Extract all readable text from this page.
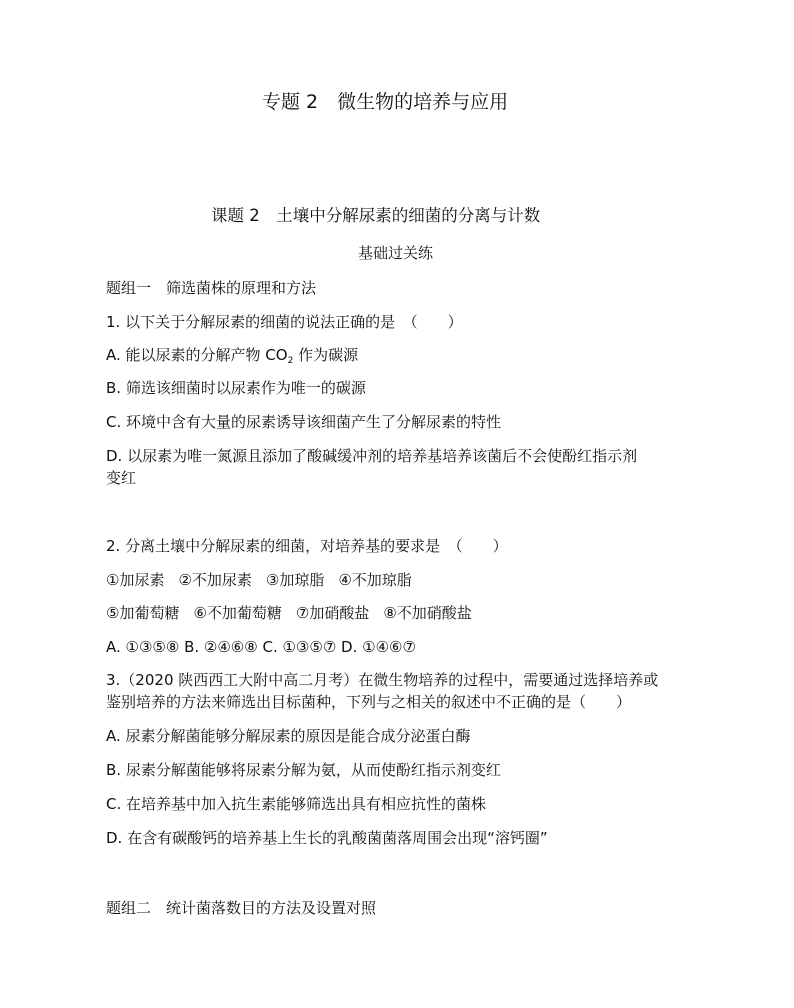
专题 2　微生物的培养与应用
课题 2　土壤中分解尿素的细菌的分离与计数
基础过关练
题组一　筛选菌株的原理和方法
1. 以下关于分解尿素的细菌的说法正确的是　（　　）
A. 能以尿素的分解产物 $CO_2$ 作为碳源
B. 筛选该细菌时以尿素作为唯一的碳源
C. 环境中含有大量的尿素诱导该细菌产生了分解尿素的特性
D. 以尿素为唯一氮源且添加了酸碱缓冲剂的培养基培养该菌后不会使酚红指示剂
变红
2. 分离土壤中分解尿素的细菌，对培养基的要求是　（　　）
①加尿素 ②不加尿素 ③加琼脂 ④不加琼脂
⑤加葡萄糖 ⑥不加葡萄糖 ⑦加硝酸盐 ⑧不加硝酸盐
A. ①③⑤⑧ B. ②④⑥⑧ C. ①③⑤⑦ D. ①④⑥⑦
3.（2020 陕西西工大附中高二月考）在微生物培养的过程中，需要通过选择培养或
鉴别培养的方法来筛选出目标菌种，下列与之相关的叙述中不正确的是（　　）
A. 尿素分解菌能够分解尿素的原因是能合成分泌蛋白酶
B. 尿素分解菌能够将尿素分解为氨，从而使酚红指示剂变红
C. 在培养基中加入抗生素能够筛选出具有相应抗性的菌株
D. 在含有碳酸钙的培养基上生长的乳酸菌菌落周围会出现“溶钙圈”
题组二　统计菌落数目的方法及设置对照
